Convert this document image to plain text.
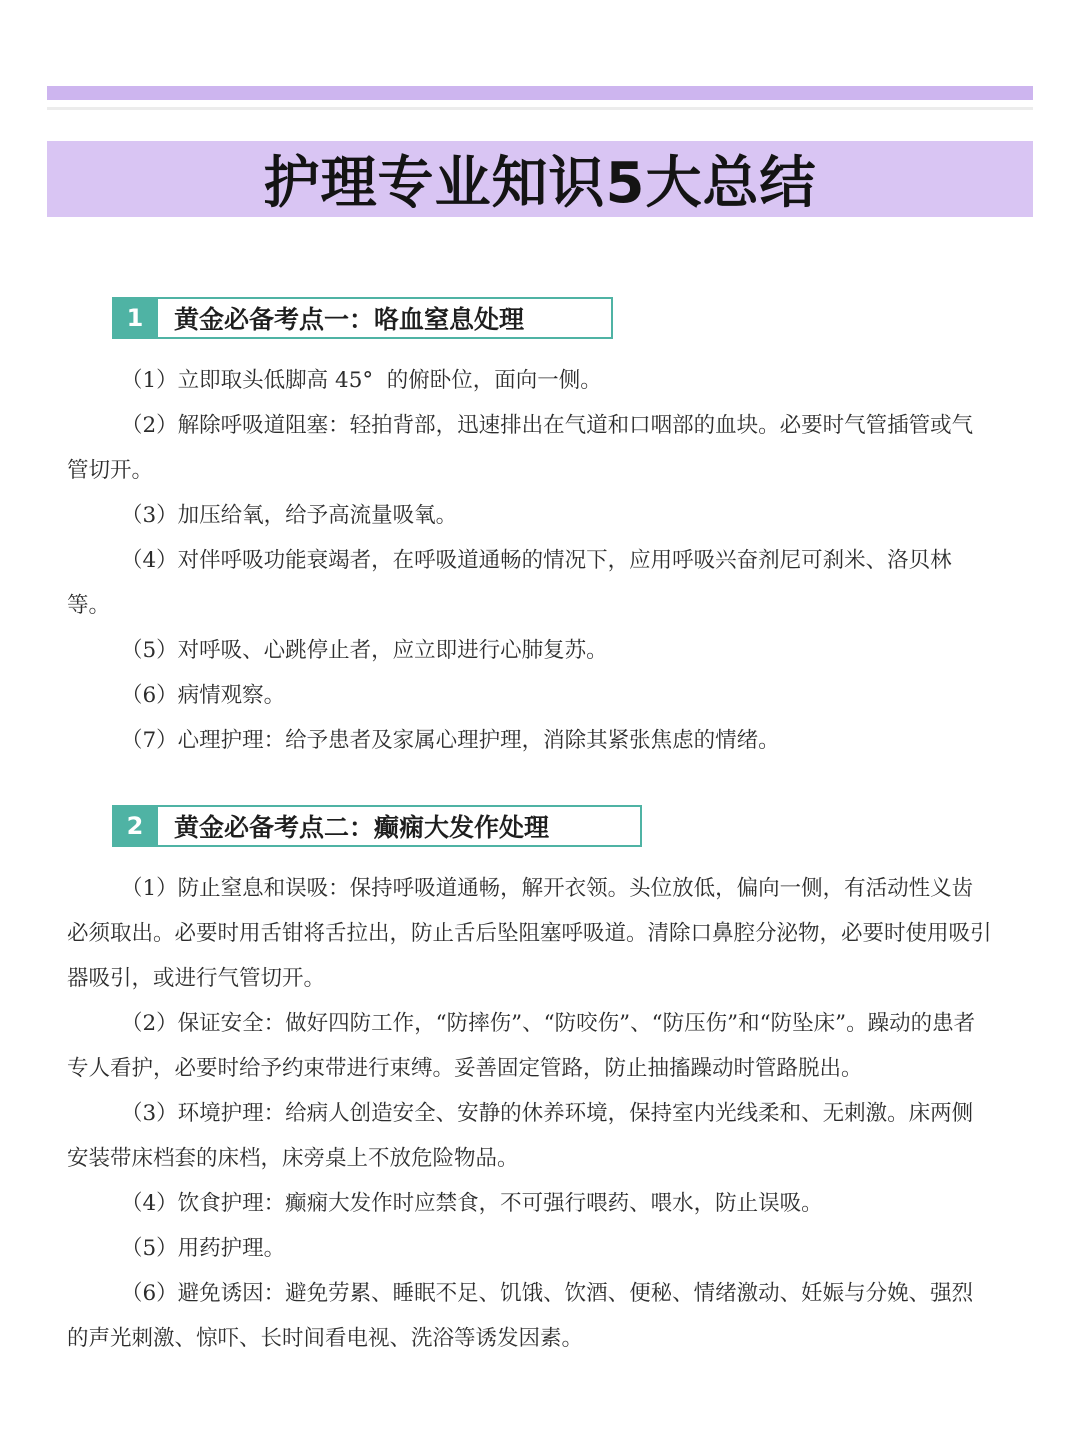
护理专业知识5大总结
1	黄金必备考点一：咯血窒息处理

（1）立即取头低脚高 45°  的俯卧位，面向一侧。

（2）解除呼吸道阻塞：轻拍背部，迅速排出在气道和口咽部的血块。必要时气管插管或气管切开。

（3）加压给氧，给予高流量吸氧。

（4）对伴呼吸功能衰竭者，在呼吸道通畅的情况下，应用呼吸兴奋剂尼可刹米、洛贝林等。

（5）对呼吸、心跳停止者，应立即进行心肺复苏。

（6）病情观察。

（7）心理护理：给予患者及家属心理护理，消除其紧张焦虑的情绪。

2	黄金必备考点二：癫痫大发作处理

（1）防止窒息和误吸：保持呼吸道通畅，解开衣领。头位放低，偏向一侧，有活动性义齿必须取出。必要时用舌钳将舌拉出，防止舌后坠阻塞呼吸道。清除口鼻腔分泌物，必要时使用吸引器吸引，或进行气管切开。

（2）保证安全：做好四防工作，“防摔伤”、“防咬伤”、“防压伤”和“防坠床”。躁动的患者专人看护，必要时给予约束带进行束缚。妥善固定管路，防止抽搐躁动时管路脱出。

（3）环境护理：给病人创造安全、安静的休养环境，保持室内光线柔和、无刺激。床两侧安装带床档套的床档，床旁桌上不放危险物品。

（4）饮食护理：癫痫大发作时应禁食，不可强行喂药、喂水，防止误吸。

（5）用药护理。

（6）避免诱因：避免劳累、睡眠不足、饥饿、饮酒、便秘、情绪激动、妊娠与分娩、强烈的声光刺激、惊吓、长时间看电视、洗浴等诱发因素。
